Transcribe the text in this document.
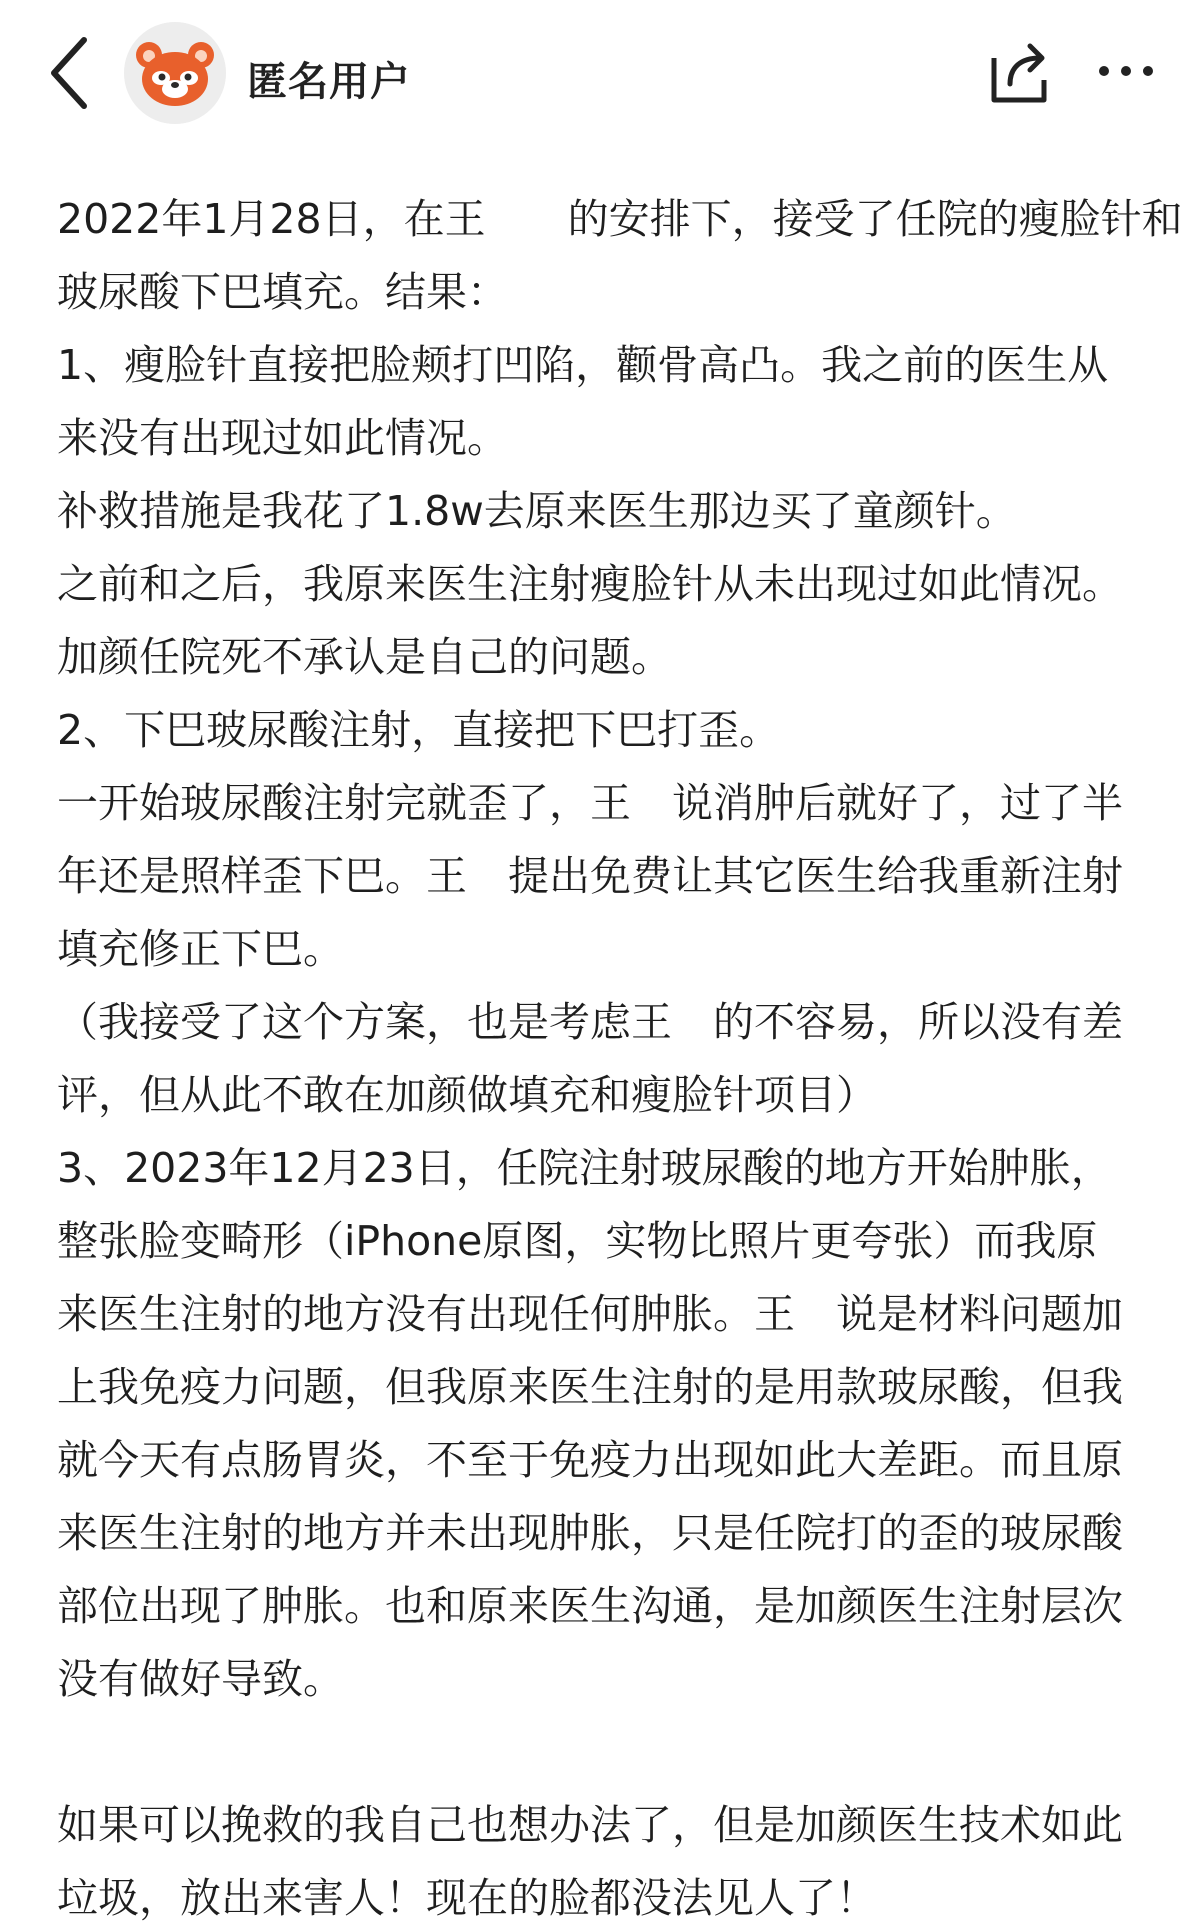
匿名用户
2022年1月28日，在王　　的安排下，接受了任院的瘦脸针和
玻尿酸下巴填充。结果：
1、瘦脸针直接把脸颊打凹陷，颧骨高凸。我之前的医生从
来没有出现过如此情况。
补救措施是我花了1.8w去原来医生那边买了童颜针。
之前和之后，我原来医生注射瘦脸针从未出现过如此情况。
加颜任院死不承认是自己的问题。
2、下巴玻尿酸注射，直接把下巴打歪。
一开始玻尿酸注射完就歪了，王　说消肿后就好了，过了半
年还是照样歪下巴。王　提出免费让其它医生给我重新注射
填充修正下巴。
（我接受了这个方案，也是考虑王　的不容易，所以没有差
评，但从此不敢在加颜做填充和瘦脸针项目）
3、2023年12月23日，任院注射玻尿酸的地方开始肿胀，
整张脸变畸形（iPhone原图，实物比照片更夸张）而我原
来医生注射的地方没有出现任何肿胀。王　说是材料问题加
上我免疫力问题，但我原来医生注射的是用款玻尿酸，但我
就今天有点肠胃炎，不至于免疫力出现如此大差距。而且原
来医生注射的地方并未出现肿胀，只是任院打的歪的玻尿酸
部位出现了肿胀。也和原来医生沟通，是加颜医生注射层次
没有做好导致。
如果可以挽救的我自己也想办法了，但是加颜医生技术如此
垃圾，放出来害人！现在的脸都没法见人了！
